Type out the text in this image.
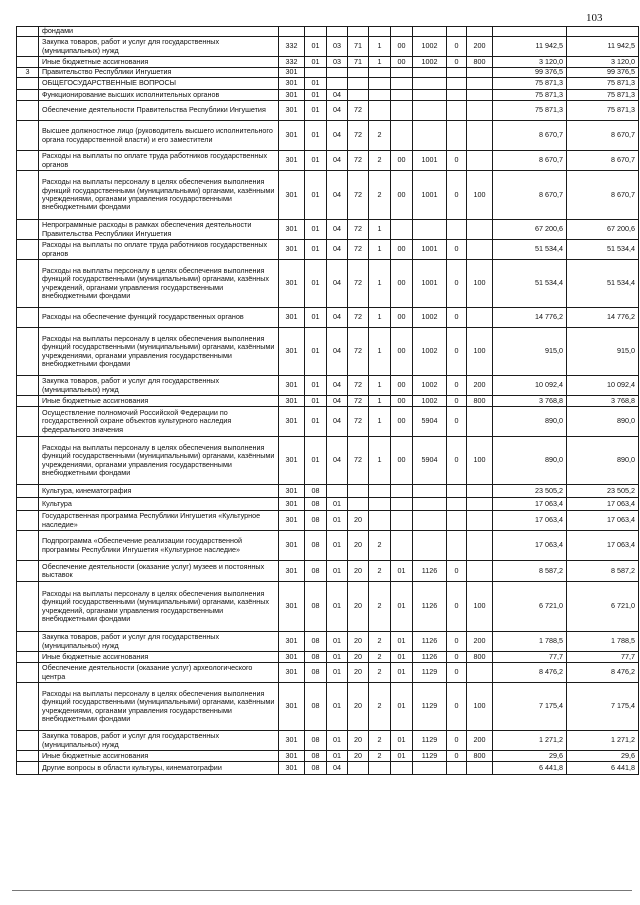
103
	фондами											
	Закупка товаров, работ и услуг для государственных (муниципальных) нужд	332	01	03	71	1	00	1002	0	200	11 942,5	11 942,5
	Иные бюджетные ассигнования	332	01	03	71	1	00	1002	0	800	3 120,0	3 120,0
3	Правительство Республики Ингушетия	301									99 376,5	99 376,5
	ОБЩЕГОСУДАРСТВЕННЫЕ ВОПРОСЫ	301	01								75 871,3	75 871,3
	Функционирование высших исполнительных органов	301	01	04							75 871,3	75 871,3
	Обеспечение деятельности Правительства Республики Ингушетия	301	01	04	72						75 871,3	75 871,3
	Высшее должностное лицо (руководитель высшего исполнительного органа государственной власти) и его заместители	301	01	04	72	2					8 670,7	8 670,7
	Расходы на выплаты по оплате труда работников государственных органов	301	01	04	72	2	00	1001	0		8 670,7	8 670,7
	Расходы на выплаты персоналу в целях обеспечения выполнения функций государственными (муниципальными) органами, казёнными учреждениями, органами управления государственными внебюджетными фондами	301	01	04	72	2	00	1001	0	100	8 670,7	8 670,7
	Непрограммные расходы в рамках обеспечения деятельности Правительства Республики Ингушетия	301	01	04	72	1					67 200,6	67 200,6
	Расходы на выплаты по оплате труда работников государственных органов	301	01	04	72	1	00	1001	0		51 534,4	51 534,4
	Расходы на выплаты персоналу в целях обеспечения выполнения функций государственными (муниципальными) органами, казённых учреждений, органами управления государственными внебюджетными фондами	301	01	04	72	1	00	1001	0	100	51 534,4	51 534,4
	Расходы на обеспечение функций государственных органов	301	01	04	72	1	00	1002	0		14 776,2	14 776,2
	Расходы на выплаты персоналу в целях обеспечения выполнения функций государственными (муниципальными) органами, казёнными учреждениями, органами управления государственными внебюджетными фондами	301	01	04	72	1	00	1002	0	100	915,0	915,0
	Закупка товаров, работ и услуг для государственных (муниципальных) нужд	301	01	04	72	1	00	1002	0	200	10 092,4	10 092,4
	Иные бюджетные ассигнования	301	01	04	72	1	00	1002	0	800	3 768,8	3 768,8
	Осуществление полномочий Российской Федерации по государственной охране объектов культурного наследия федерального значения	301	01	04	72	1	00	5904	0		890,0	890,0
	Расходы на выплаты персоналу в целях обеспечения выполнения функций государственными (муниципальными) органами, казёнными учреждениями, органами управления государственными внебюджетными фондами	301	01	04	72	1	00	5904	0	100	890,0	890,0
	Культура, кинематография	301	08								23 505,2	23 505,2
	Культура	301	08	01							17 063,4	17 063,4
	Государственная программа Республики Ингушетия «Культурное наследие»	301	08	01	20						17 063,4	17 063,4
	Подпрограмма «Обеспечение реализации государственной программы Республики Ингушетия «Культурное наследие»	301	08	01	20	2					17 063,4	17 063,4
	Обеспечение деятельности (оказание услуг) музеев и постоянных выставок	301	08	01	20	2	01	1126	0		8 587,2	8 587,2
	Расходы на выплаты персоналу в целях обеспечения выполнения функций государственными (муниципальными) органами, казённых учреждений, органами управления государственными внебюджетными фондами	301	08	01	20	2	01	1126	0	100	6 721,0	6 721,0
	Закупка товаров, работ и услуг для государственных (муниципальных) нужд	301	08	01	20	2	01	1126	0	200	1 788,5	1 788,5
	Иные бюджетные ассигнования	301	08	01	20	2	01	1126	0	800	77,7	77,7
	Обеспечение деятельности (оказание услуг) археологического центра	301	08	01	20	2	01	1129	0		8 476,2	8 476,2
	Расходы на выплаты персоналу в целях обеспечения выполнения функций государственными (муниципальными) органами, казёнными учреждениями, органами управления государственными внебюджетными фондами	301	08	01	20	2	01	1129	0	100	7 175,4	7 175,4
	Закупка товаров, работ и услуг для государственных (муниципальных) нужд	301	08	01	20	2	01	1129	0	200	1 271,2	1 271,2
	Иные бюджетные ассигнования	301	08	01	20	2	01	1129	0	800	29,6	29,6
	Другие вопросы в области культуры, кинематографии	301	08	04							6 441,8	6 441,8
